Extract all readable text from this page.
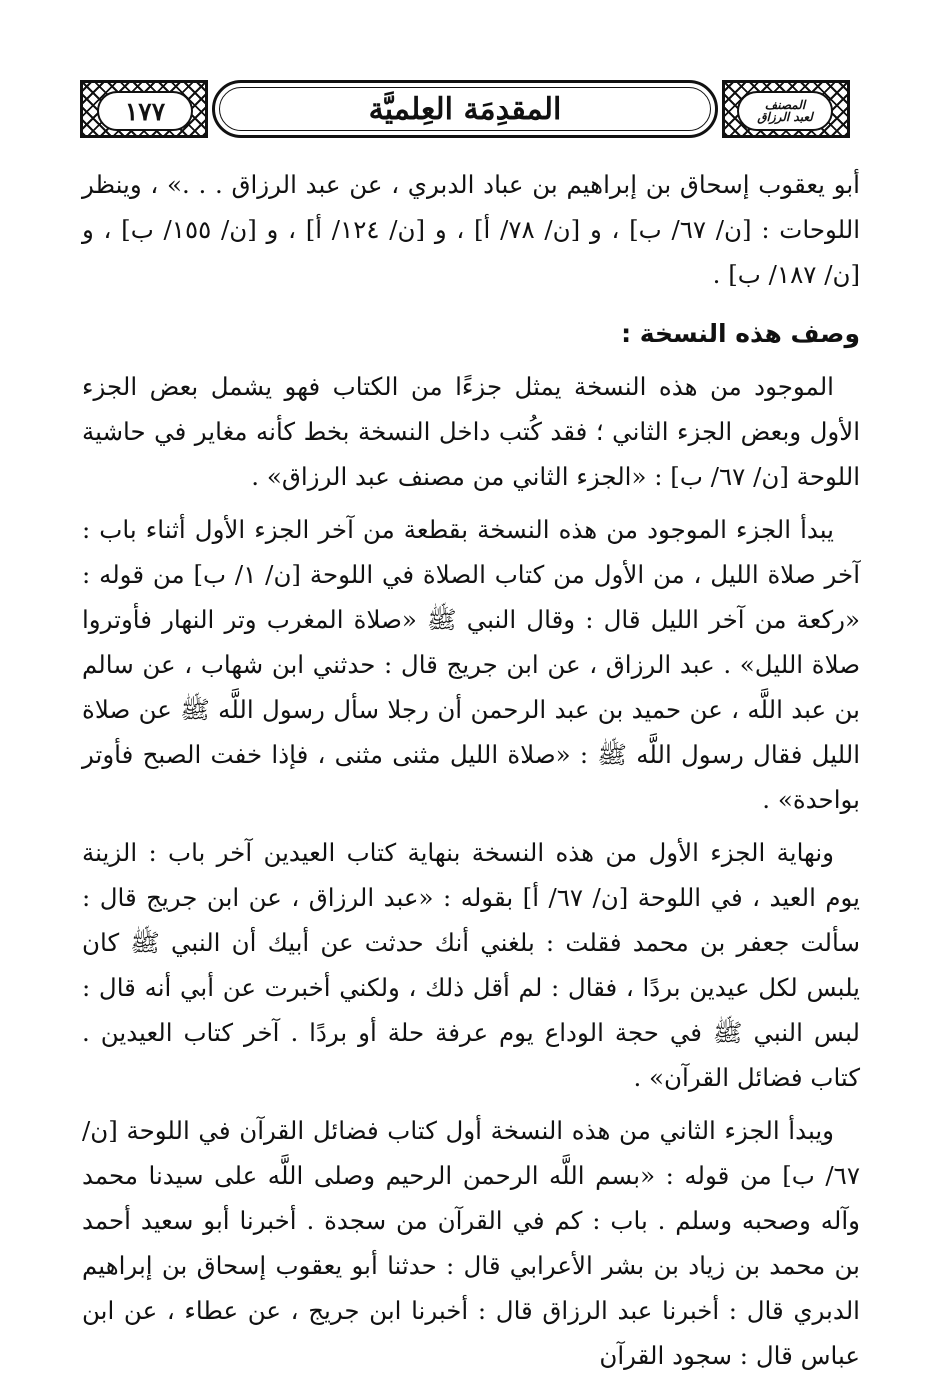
١٧٧	المقدِمَة العِلميَّة	المصنف
لعبد الرزاق

أبو يعقوب إسحاق بن إبراهيم بن عباد الدبري ، عن عبد الرزاق . . .» ، وينظر اللوحات : [ن/ ٦٧/ ب] ، و [ن/ ٧٨/ أ] ، و [ن/ ١٢٤/ أ] ، و [ن/ ١٥٥/ ب] ، و [ن/ ١٨٧/ ب] .

وصف هذه النسخة :

الموجود من هذه النسخة يمثل جزءًا من الكتاب فهو يشمل بعض الجزء الأول وبعض الجزء الثاني ؛ فقد كُتب داخل النسخة بخط كأنه مغاير في حاشية اللوحة [ن/ ٦٧/ ب] : «الجزء الثاني من مصنف عبد الرزاق» .

يبدأ الجزء الموجود من هذه النسخة بقطعة من آخر الجزء الأول أثناء باب : آخر صلاة الليل ، من الأول من كتاب الصلاة في اللوحة [ن/ ١/ ب] من قوله : «ركعة من آخر الليل قال : وقال النبي ﷺ «صلاة المغرب وتر النهار فأوتروا صلاة الليل» . عبد الرزاق ، عن ابن جريج قال : حدثني ابن شهاب ، عن سالم بن عبد اللَّه ، عن حميد بن عبد الرحمن أن رجلا سأل رسول اللَّه ﷺ عن صلاة الليل فقال رسول اللَّه ﷺ : «صلاة الليل مثنى مثنى ، فإذا خفت الصبح فأوتر بواحدة» .

ونهاية الجزء الأول من هذه النسخة بنهاية كتاب العيدين آخر باب : الزينة يوم العيد ، في اللوحة [ن/ ٦٧/ أ] بقوله : «عبد الرزاق ، عن ابن جريج قال : سألت جعفر بن محمد فقلت : بلغني أنك حدثت عن أبيك أن النبي ﷺ كان يلبس لكل عيدين بردًا ، فقال : لم أقل ذلك ، ولكني أخبرت عن أبي أنه قال : لبس النبي ﷺ في حجة الوداع يوم عرفة حلة أو بردًا . آخر كتاب العيدين . كتاب فضائل القرآن» .

ويبدأ الجزء الثاني من هذه النسخة أول كتاب فضائل القرآن في اللوحة [ن/ ٦٧/ ب] من قوله : «بسم اللَّه الرحمن الرحيم وصلى اللَّه على سيدنا محمد وآله وصحبه وسلم . باب : كم في القرآن من سجدة . أخبرنا أبو سعيد أحمد بن محمد بن زياد بن بشر الأعرابي قال : حدثنا أبو يعقوب إسحاق بن إبراهيم الدبري قال : أخبرنا عبد الرزاق قال : أخبرنا ابن جريج ، عن عطاء ، عن ابن عباس قال : سجود القرآن
